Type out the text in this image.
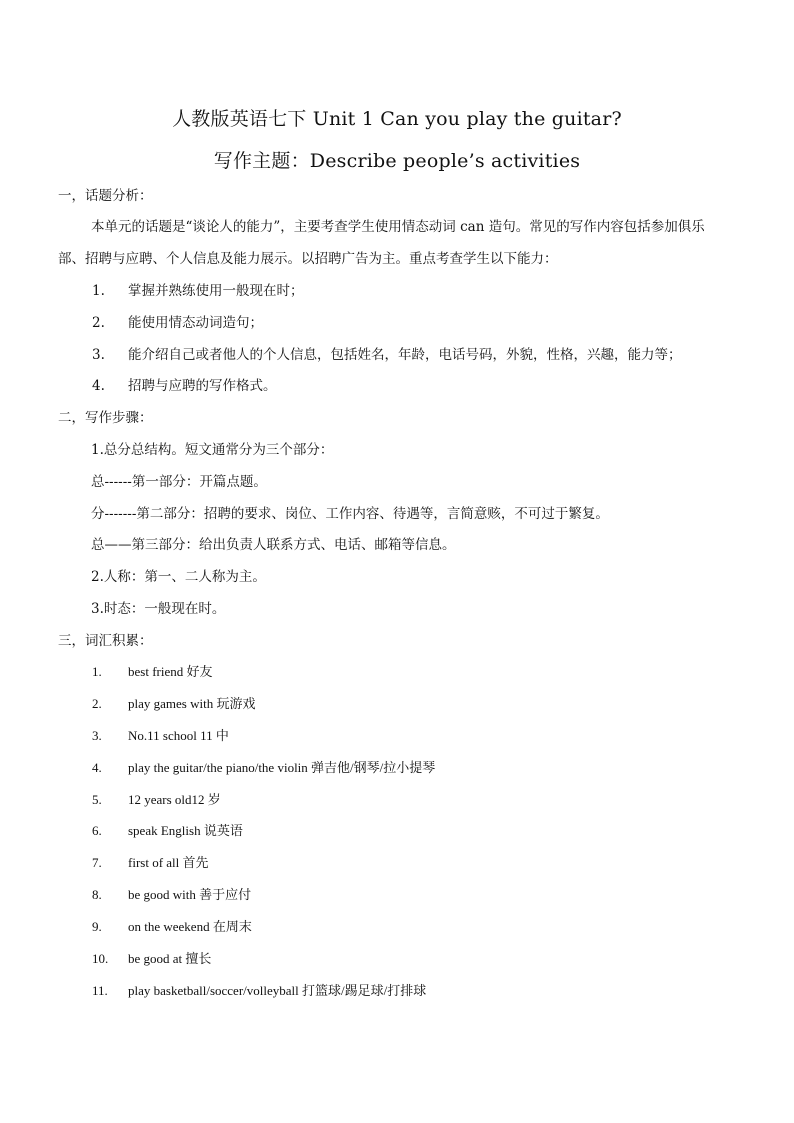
人教版英语七下 Unit 1 Can you play the guitar?
写作主题：Describe people’s activities
一，话题分析：
本单元的话题是“谈论人的能力”，主要考查学生使用情态动词 can 造句。常见的写作内容包括参加俱乐
部、招聘与应聘、个人信息及能力展示。以招聘广告为主。重点考查学生以下能力：
1.	掌握并熟练使用一般现在时；
2.	能使用情态动词造句；
3.	能介绍自己或者他人的个人信息，包括姓名，年龄，电话号码，外貌，性格，兴趣，能力等；
4.	招聘与应聘的写作格式。
二，写作步骤：
1.总分总结构。短文通常分为三个部分：
总------第一部分：开篇点题。
分-------第二部分：招聘的要求、岗位、工作内容、待遇等，言简意赅，不可过于繁复。
总——第三部分：给出负责人联系方式、电话、邮箱等信息。
2.人称：第一、二人称为主。
3.时态：一般现在时。
三，词汇积累：
1.	best friend 好友
2.	play games with 玩游戏
3.	No.11 school 11 中
4.	play the guitar/the piano/the violin 弹吉他/钢琴/拉小提琴
5.	12 years old12 岁
6.	speak English 说英语
7.	first of all 首先
8.	be good with 善于应付
9.	on the weekend 在周末
10.	be good at 擅长
11.	play basketball/soccer/volleyball 打篮球/踢足球/打排球
